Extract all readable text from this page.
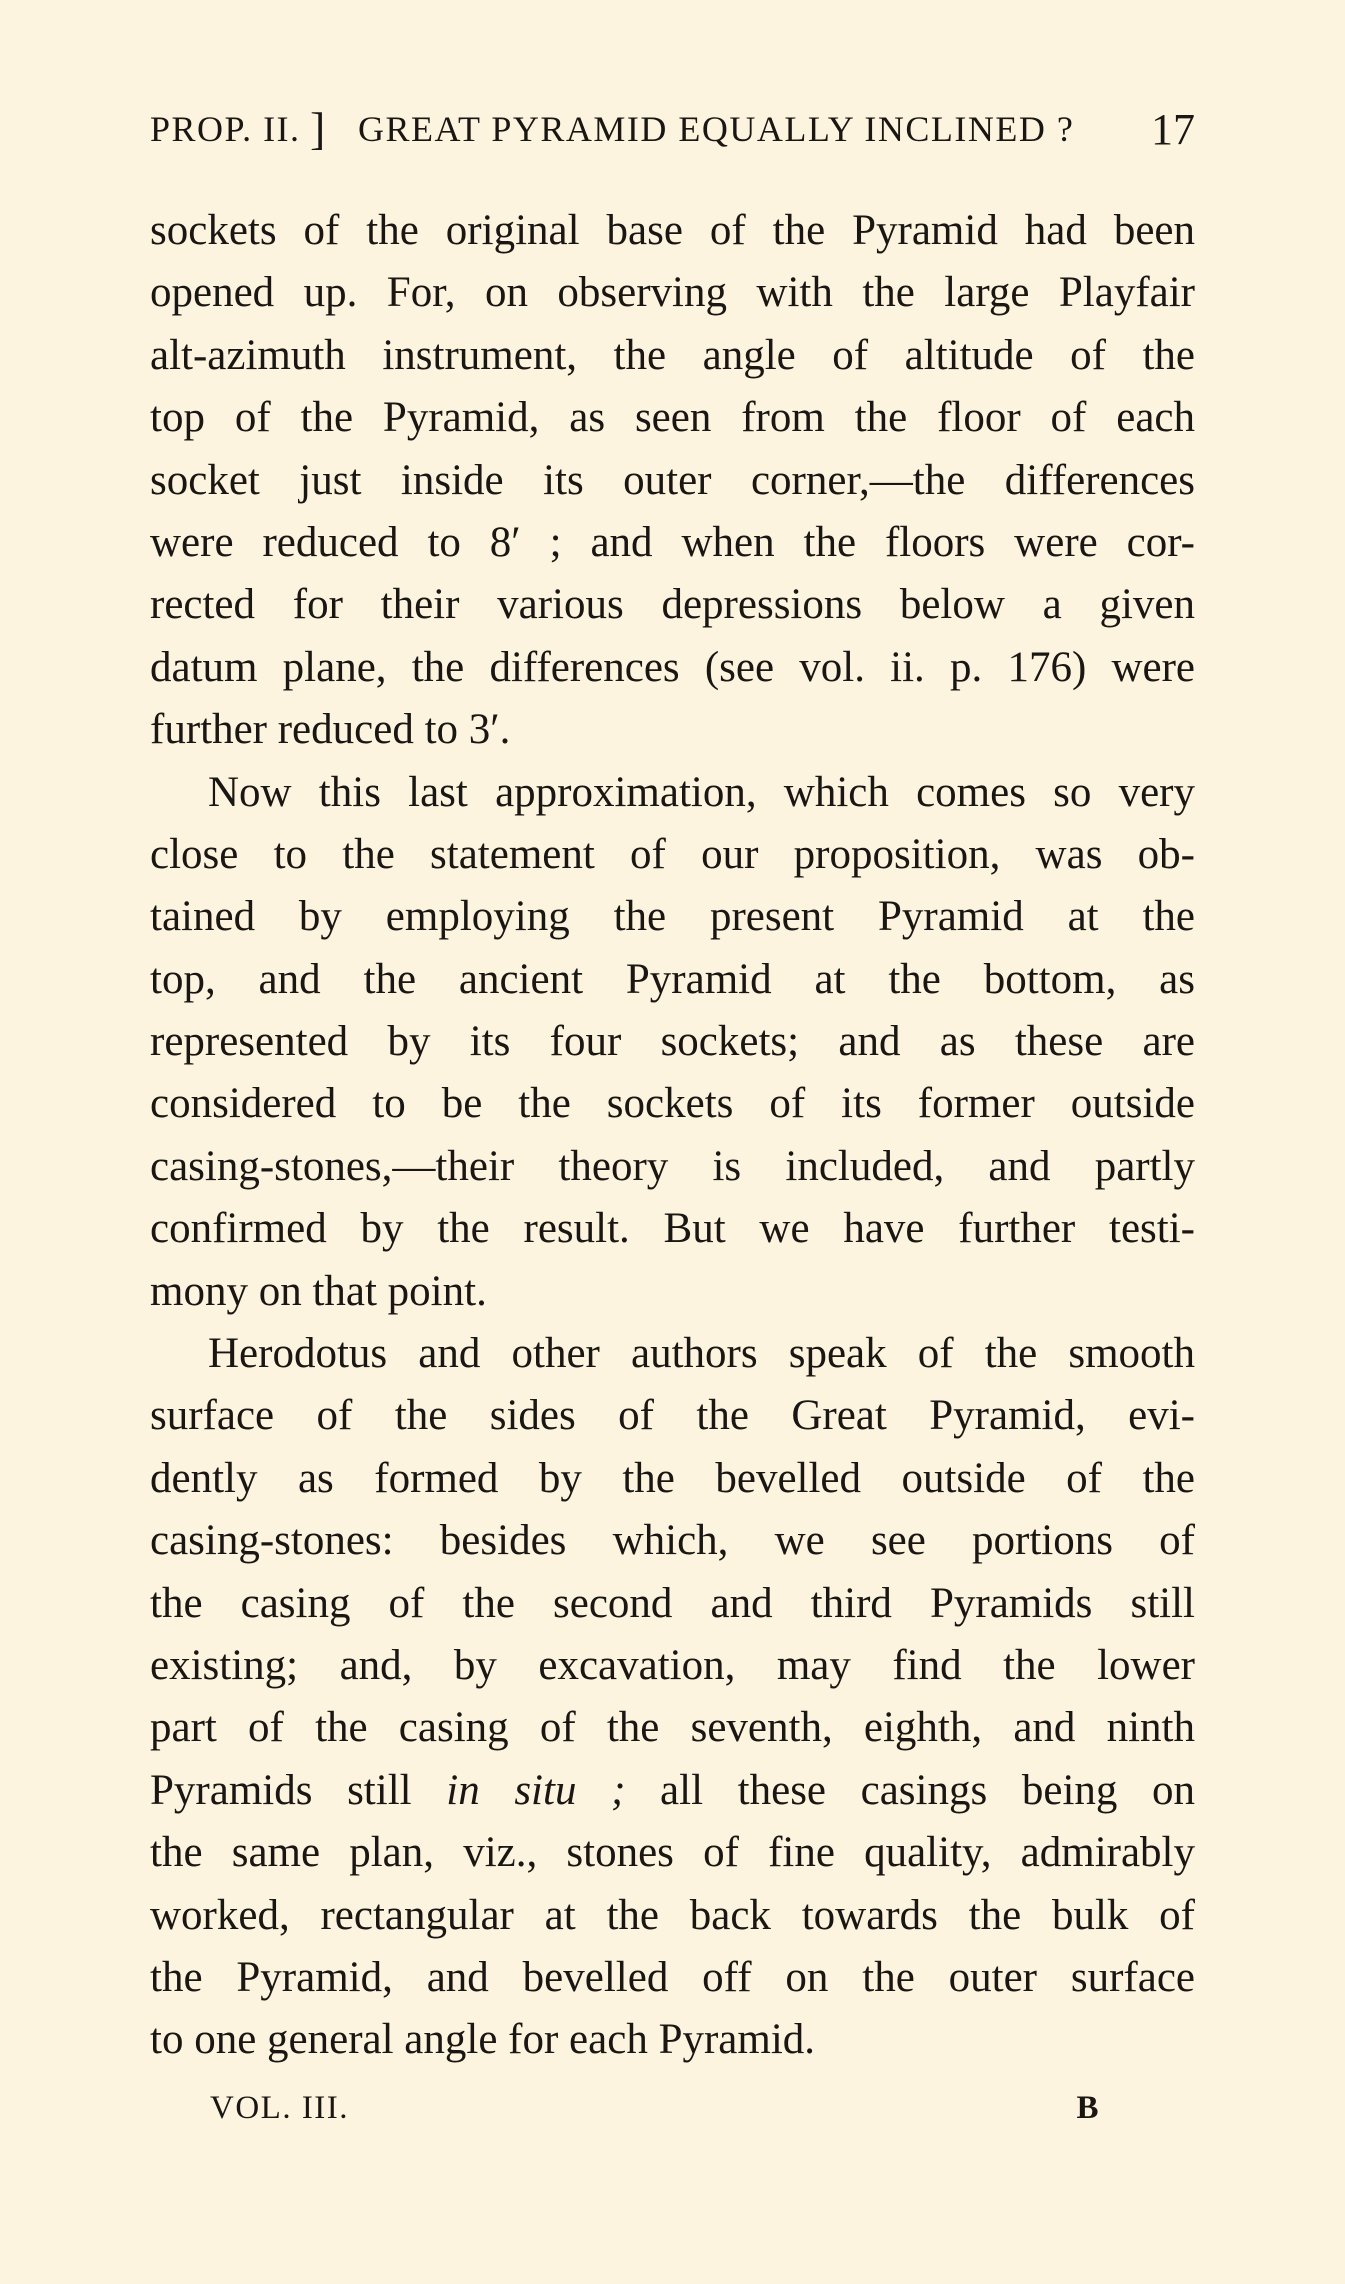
PROP. II. ] GREAT PYRAMID EQUALLY INCLINED ? 17
sockets of the original base of the Pyramid had been
opened up. For, on observing with the large Playfair
alt-azimuth instrument, the angle of altitude of the
top of the Pyramid, as seen from the floor of each
socket just inside its outer corner,—the differences
were reduced to 8′ ; and when the floors were cor-
rected for their various depressions below a given
datum plane, the differences (see vol. ii. p. 176) were
further reduced to 3′.
Now this last approximation, which comes so very
close to the statement of our proposition, was ob-
tained by employing the present Pyramid at the
top, and the ancient Pyramid at the bottom, as
represented by its four sockets; and as these are
considered to be the sockets of its former outside
casing-stones,—their theory is included, and partly
confirmed by the result. But we have further testi-
mony on that point.
Herodotus and other authors speak of the smooth
surface of the sides of the Great Pyramid, evi-
dently as formed by the bevelled outside of the
casing-stones: besides which, we see portions of
the casing of the second and third Pyramids still
existing; and, by excavation, may find the lower
part of the casing of the seventh, eighth, and ninth
Pyramids still in situ ; all these casings being on
the same plan, viz., stones of fine quality, admirably
worked, rectangular at the back towards the bulk of
the Pyramid, and bevelled off on the outer surface
to one general angle for each Pyramid.
VOL. III.	B
